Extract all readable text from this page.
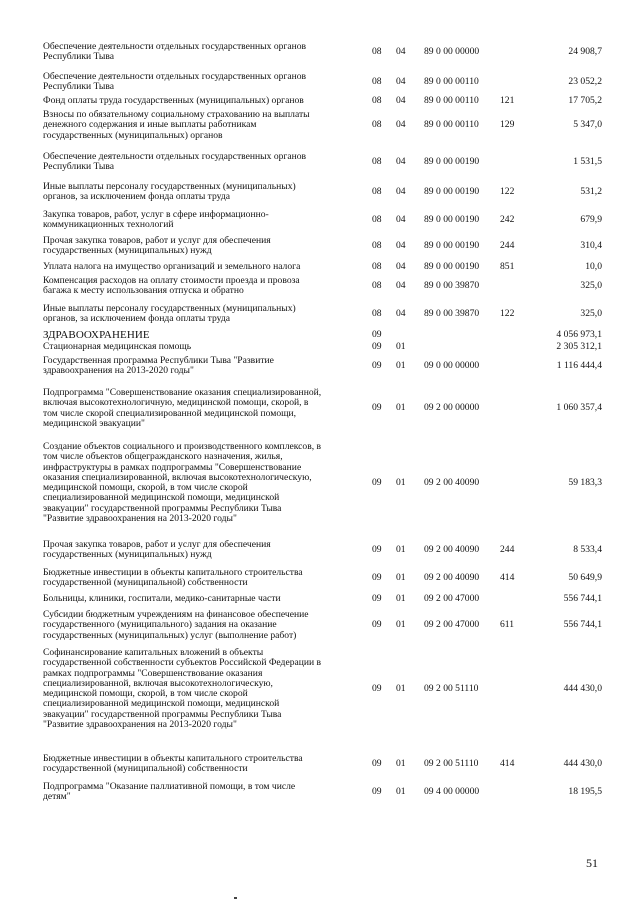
Обеспечение деятельности отдельных государственных органов
Республики Тыва	08 04 89 0 00 00000	24 908,7
Обеспечение деятельности отдельных государственных органов
Республики Тыва	08 04 89 0 00 00110	23 052,2
Фонд оплаты труда государственных (муниципальных) органов	08 04 89 0 00 00110 121	17 705,2
Взносы по обязательному социальному страхованию на выплаты
денежного содержания и иные выплаты работникам
государственных (муниципальных) органов
08 04 89 0 00 00110 129	5 347,0
Обеспечение деятельности отдельных государственных органов
Республики Тыва	08 04 89 0 00 00190	1 531,5
Иные выплаты персоналу государственных (муниципальных)
органов, за исключением фонда оплаты труда	08 04 89 0 00 00190 122	531,2
Закупка товаров, работ, услуг в сфере информационно-
коммуникационных технологий	08 04 89 0 00 00190 242	679,9
Прочая закупка товаров, работ и услуг для обеспечения
государственных (муниципальных) нужд	08 04 89 0 00 00190 244	310,4
Уплата налога на имущество организаций и земельного налога	08 04 89 0 00 00190 851	10,0
Компенсация расходов на оплату стоимости проезда и провоза
багажа к месту использования отпуска и обратно	08 04 89 0 00 39870	325,0
Иные выплаты персоналу государственных (муниципальных)
органов, за исключением фонда оплаты труда	08 04 89 0 00 39870 122	325,0
ЗДРАВООХРАНЕНИЕ	09	4 056 973,1
Стационарная медицинская помощь	09 01	2 305 312,1
Государственная программа Республики Тыва "Развитие
здравоохранения на 2013-2020 годы"	09 01 09 0 00 00000	1 116 444,4
Подпрограмма "Совершенствование оказания специализированной,
включая высокотехнологичную, медицинской помощи, скорой, в
том числе скорой специализированной медицинской помощи,
медицинской эвакуации"
09 01 09 2 00 00000	1 060 357,4
Создание объектов социального и производственного комплексов, в
том числе объектов общегражданского назначения, жилья,
инфраструктуры в рамках подпрограммы "Совершенствование
оказания специализированной, включая высокотехнологическую,
медицинской помощи, скорой, в том числе скорой
специализированной медицинской помощи, медицинской
эвакуации" государственной программы Республики Тыва
"Развитие здравоохранения на 2013-2020 годы"
09 01 09 2 00 40090	59 183,3
Прочая закупка товаров, работ и услуг для обеспечения
государственных (муниципальных) нужд	09 01 09 2 00 40090 244	8 533,4
Бюджетные инвестиции в объекты капитального строительства
государственной (муниципальной) собственности	09 01 09 2 00 40090 414	50 649,9
Больницы, клиники, госпитали, медико-санитарные части	09 01 09 2 00 47000	556 744,1
Субсидии бюджетным учреждениям на финансовое обеспечение
государственного (муниципального) задания на оказание
государственных (муниципальных) услуг (выполнение работ)
09 01 09 2 00 47000 611	556 744,1
Софинансирование капитальных вложений в объекты
государственной собственности субъектов Российской Федерации в
рамках подпрограммы "Совершенствование оказания
специализированной, включая высокотехнологическую,
медицинской помощи, скорой, в том числе скорой
специализированной медицинской помощи, медицинской
эвакуации" государственной программы Республики Тыва
"Развитие здравоохранения на 2013-2020 годы"
09 01 09 2 00 51110	444 430,0
Бюджетные инвестиции в объекты капитального строительства
государственной (муниципальной) собственности	09 01 09 2 00 51110 414	444 430,0
Подпрограмма "Оказание паллиативной помощи, в том числе
детям"	09 01 09 4 00 00000	18 195,5
51
